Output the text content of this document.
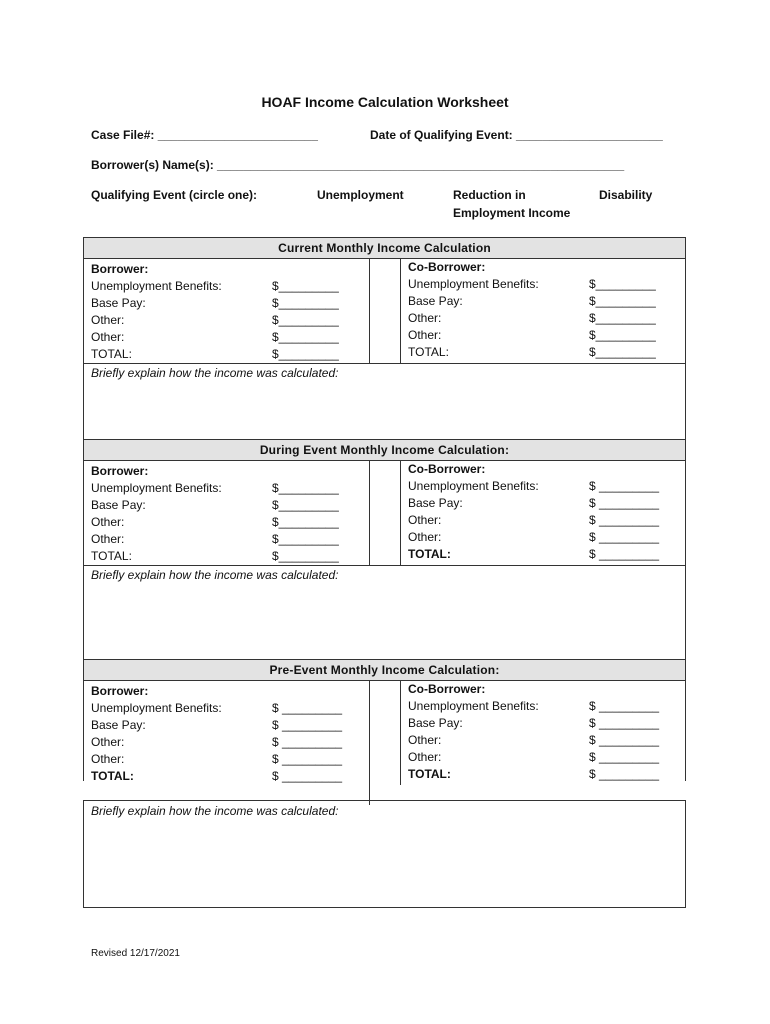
HOAF Income Calculation Worksheet
Case File#: ________________________	Date of Qualifying Event: ______________________
Borrower(s) Name(s): _____________________________________________________________
Qualifying Event (circle one):	Unemployment	Reduction in
Employment Income
Disability
Current Monthly Income Calculation
Borrower:
Unemployment Benefits:	$_________
Base Pay:	$_________
Other:	$_________
Other:	$_________
TOTAL:	$_________
Co-Borrower:
Unemployment Benefits:	$_________
Base Pay:	$_________
Other:	$_________
Other:	$_________
TOTAL:	$_________
Briefly explain how the income was calculated:
During Event Monthly Income Calculation:
Borrower:
Unemployment Benefits:	$_________
Base Pay:	$_________
Other:	$_________
Other:	$_________
TOTAL:	$_________
Co-Borrower:
Unemployment Benefits:	$ _________
Base Pay:	$ _________
Other:	$ _________
Other:	$ _________
TOTAL:	$ _________
Briefly explain how the income was calculated:
Pre-Event Monthly Income Calculation:
Borrower:
Unemployment Benefits:	$ _________
Base Pay:	$ _________
Other:	$ _________
Other:	$ _________
TOTAL:	$ _________
Co-Borrower:
Unemployment Benefits:	$ _________
Base Pay:	$ _________
Other:	$ _________
Other:	$ _________
TOTAL:	$ _________
Briefly explain how the income was calculated:
Revised 12/17/2021
